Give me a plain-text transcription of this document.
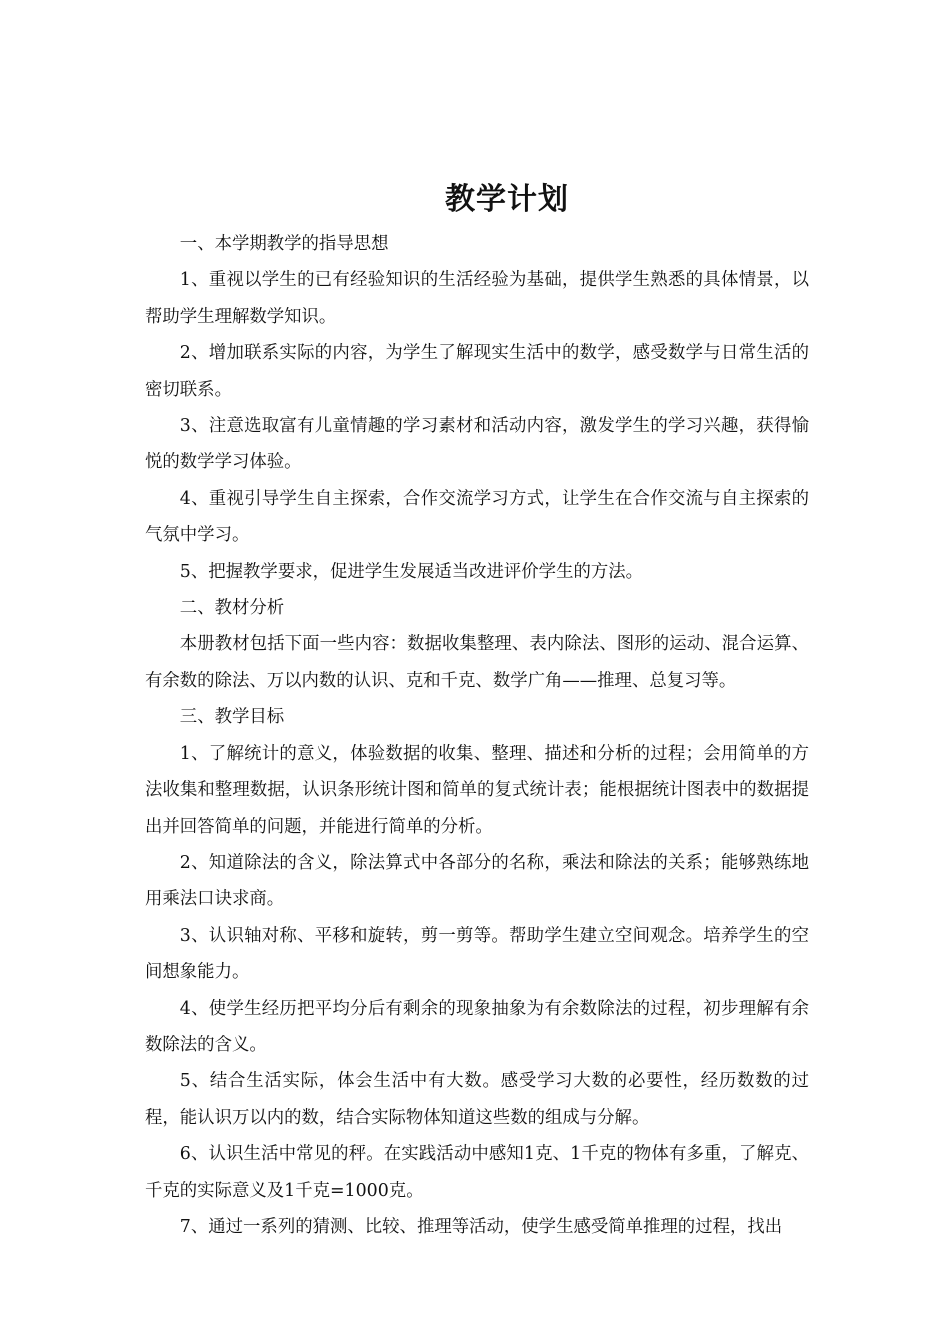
教学计划

一、本学期教学的指导思想

1、重视以学生的已有经验知识的生活经验为基础，提供学生熟悉的具体情景，以帮助学生理解数学知识。

2、增加联系实际的内容，为学生了解现实生活中的数学，感受数学与日常生活的密切联系。

3、注意选取富有儿童情趣的学习素材和活动内容，激发学生的学习兴趣，获得愉悦的数学学习体验。

4、重视引导学生自主探索，合作交流学习方式，让学生在合作交流与自主探索的气氛中学习。

5、把握教学要求，促进学生发展适当改进评价学生的方法。

二、教材分析

本册教材包括下面一些内容：数据收集整理、表内除法、图形的运动、混合运算、有余数的除法、万以内数的认识、克和千克、数学广角——推理、总复习等。

三、教学目标

1、了解统计的意义，体验数据的收集、整理、描述和分析的过程；会用简单的方法收集和整理数据，认识条形统计图和简单的复式统计表；能根据统计图表中的数据提出并回答简单的问题，并能进行简单的分析。

2、知道除法的含义，除法算式中各部分的名称，乘法和除法的关系；能够熟练地用乘法口诀求商。

3、认识轴对称、平移和旋转，剪一剪等。帮助学生建立空间观念。培养学生的空间想象能力。

4、使学生经历把平均分后有剩余的现象抽象为有余数除法的过程，初步理解有余数除法的含义。

5、结合生活实际，体会生活中有大数。感受学习大数的必要性，经历数数的过程，能认识万以内的数，结合实际物体知道这些数的组成与分解。

6、认识生活中常见的秤。在实践活动中感知1克、1千克的物体有多重，了解克、千克的实际意义及1千克=1000克。

7、通过一系列的猜测、比较、推理等活动，使学生感受简单推理的过程，找出
